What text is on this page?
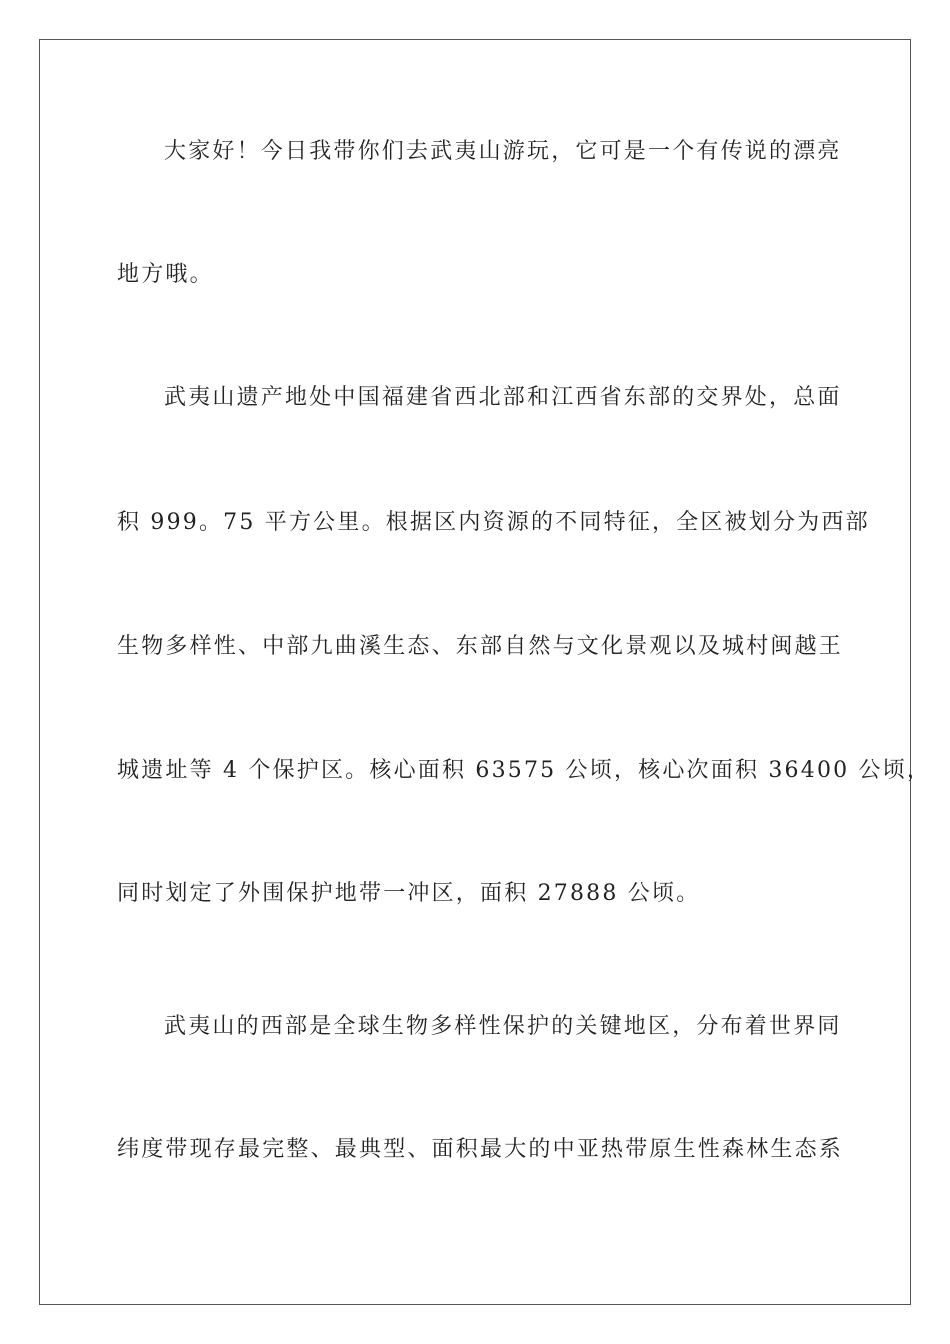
大家好！今日我带你们去武夷山游玩，它可是一个有传说的漂亮
地方哦。
武夷山遗产地处中国福建省西北部和江西省东部的交界处，总面
积 999。75 平方公里。根据区内资源的不同特征，全区被划分为西部
生物多样性、中部九曲溪生态、东部自然与文化景观以及城村闽越王
城遗址等 4 个保护区。核心面积 63575 公顷，核心次面积 36400 公顷，
同时划定了外围保护地带一冲区，面积 27888 公顷。
武夷山的西部是全球生物多样性保护的关键地区，分布着世界同
纬度带现存最完整、最典型、面积最大的中亚热带原生性森林生态系
